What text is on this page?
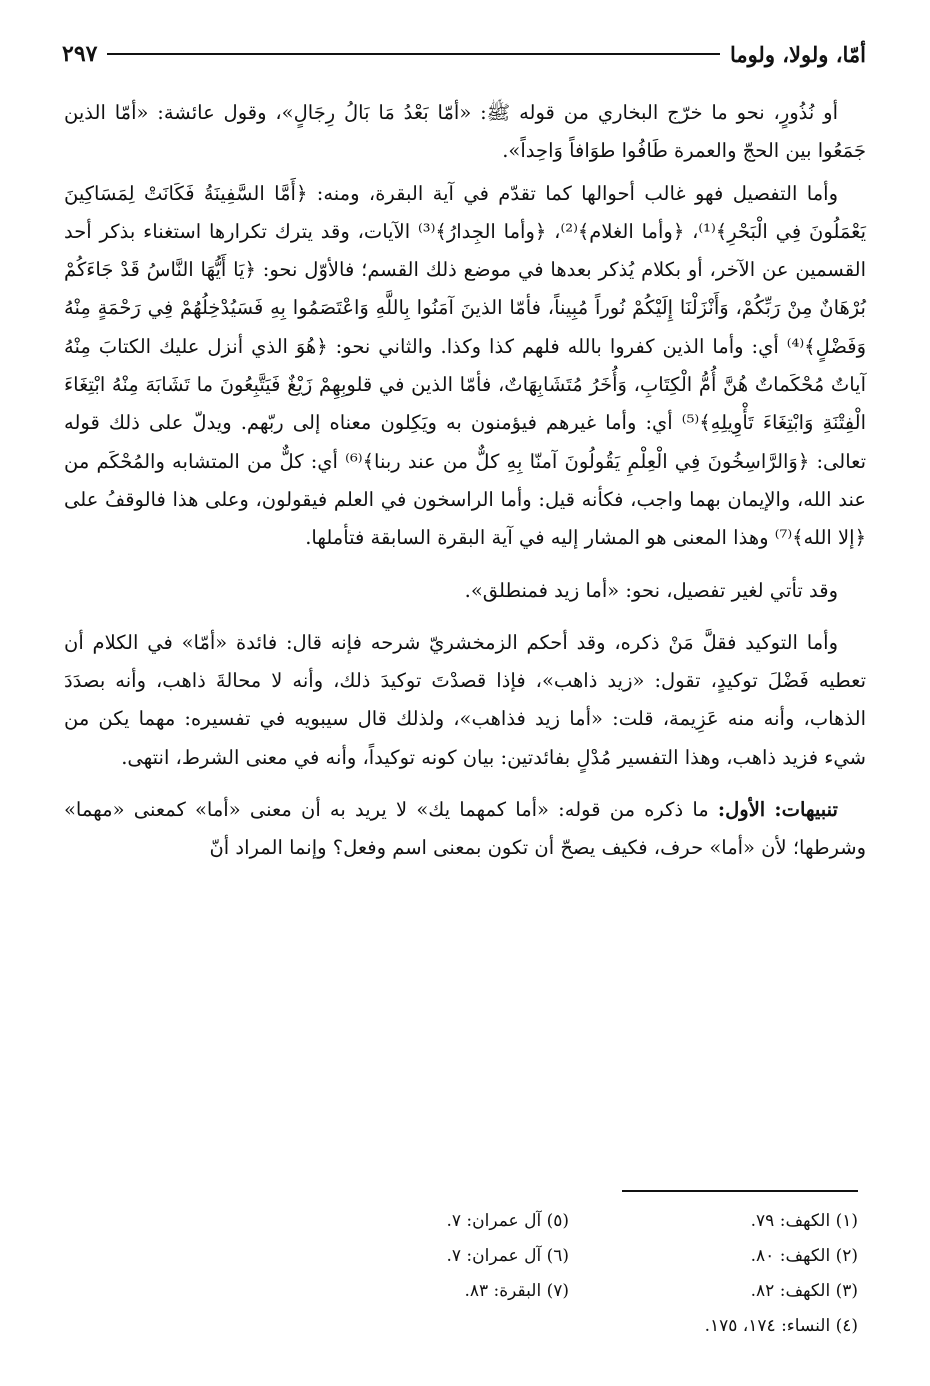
أمّا، ولولا، ولوما
٢٩٧

أو نُذُورٍ، نحو ما خرّج البخاري من قوله ﷺ: «أمّا بَعْدُ مَا بَالُ رِجَالٍ»، وقول عائشة: «أمّا الذين جَمَعُوا بين الحجّ والعمرة طَافُوا طوَافاً وَاحِداً».

وأما التفصيل فهو غالب أحوالها كما تقدّم في آية البقرة، ومنه: ﴿أَمَّا السَّفِينَةُ فَكَانَتْ لِمَسَاكِينَ يَعْمَلُونَ فِي الْبَحْرِ﴾⁽¹⁾، ﴿وأما الغلام﴾⁽²⁾، ﴿وأما الجِدارُ﴾⁽³⁾ الآيات، وقد يترك تكرارها استغناء بذكر أحد القسمين عن الآخر، أو بكلام يُذكر بعدها في موضع ذلك القسم؛ فالأوّل نحو: ﴿يَا أَيُّهَا النَّاسُ قَدْ جَاءَكُمْ بُرْهَانٌ مِنْ رَبِّكُمْ، وَأَنْزَلْنَا إِلَيْكُمْ نُوراً مُبِيناً، فأمّا الذينَ آمَنُوا بِاللَّهِ وَاعْتَصَمُوا بِهِ فَسَيُدْخِلُهُمْ فِي رَحْمَةٍ مِنْهُ وَفَضْلٍ﴾⁽⁴⁾ أي: وأما الذين كفروا بالله فلهم كذا وكذا. والثاني نحو: ﴿هُوَ الذي أنزل عليك الكتابَ مِنْهُ آياتٌ مُحْكَماتٌ هُنَّ أُمُّ الْكِتَابِ، وَأُخَرُ مُتَشَابِهَاتٌ، فأمّا الذين في قلوبِهِمْ زَيْغٌ فَيَتَّبِعُونَ ما تَشَابَهَ مِنْهُ ابْتِغَاءَ الْفِتْنَةِ وَابْتِغَاءَ تَأْوِيلِهِ﴾⁽⁵⁾ أي: وأما غيرهم فيؤمنون به ويَكِلون معناه إلى ربّهم. ويدلّ على ذلك قوله تعالى: ﴿وَالرَّاسِخُونَ فِي الْعِلْمِ يَقُولُونَ آمنّا بِهِ كلٌّ من عند ربنا﴾⁽⁶⁾ أي: كلٌّ من المتشابه والمُحْكَم من عند الله، والإيمان بهما واجب، فكأنه قيل: وأما الراسخون في العلم فيقولون، وعلى هذا فالوقفُ على ﴿إلا الله﴾⁽⁷⁾ وهذا المعنى هو المشار إليه في آية البقرة السابقة فتأملها.

وقد تأتي لغير تفصيل، نحو: «أما زيد فمنطلق».

وأما التوكيد فقلَّ مَنْ ذكره، وقد أحكم الزمخشريّ شرحه فإنه قال: فائدة «أمّا» في الكلام أن تعطيه فَضْلَ توكيدٍ، تقول: «زيد ذاهب»، فإذا قصدْتَ توكيدَ ذلك، وأنه لا محالةَ ذاهب، وأنه بصدَدَ الذهاب، وأنه منه عَزِيمة، قلت: «أما زيد فذاهب»، ولذلك قال سيبويه في تفسيره: مهما يكن من شيء فزيد ذاهب، وهذا التفسير مُدْلٍ بفائدتين: بيان كونه توكيداً، وأنه في معنى الشرط، انتهى.

تنبيهات: الأول: ما ذكره من قوله: «أما كمهما يك» لا يريد به أن معنى «أما» كمعنى «مهما» وشرطها؛ لأن «أما» حرف، فكيف يصحّ أن تكون بمعنى اسم وفعل؟ وإنما المراد أنّ

(١) الكهف: ٧٩.
(٢) الكهف: ٨٠.
(٣) الكهف: ٨٢.
(٤) النساء: ١٧٤، ١٧٥.
(٥) آل عمران: ٧.
(٦) آل عمران: ٧.
(٧) البقرة: ٨٣.
